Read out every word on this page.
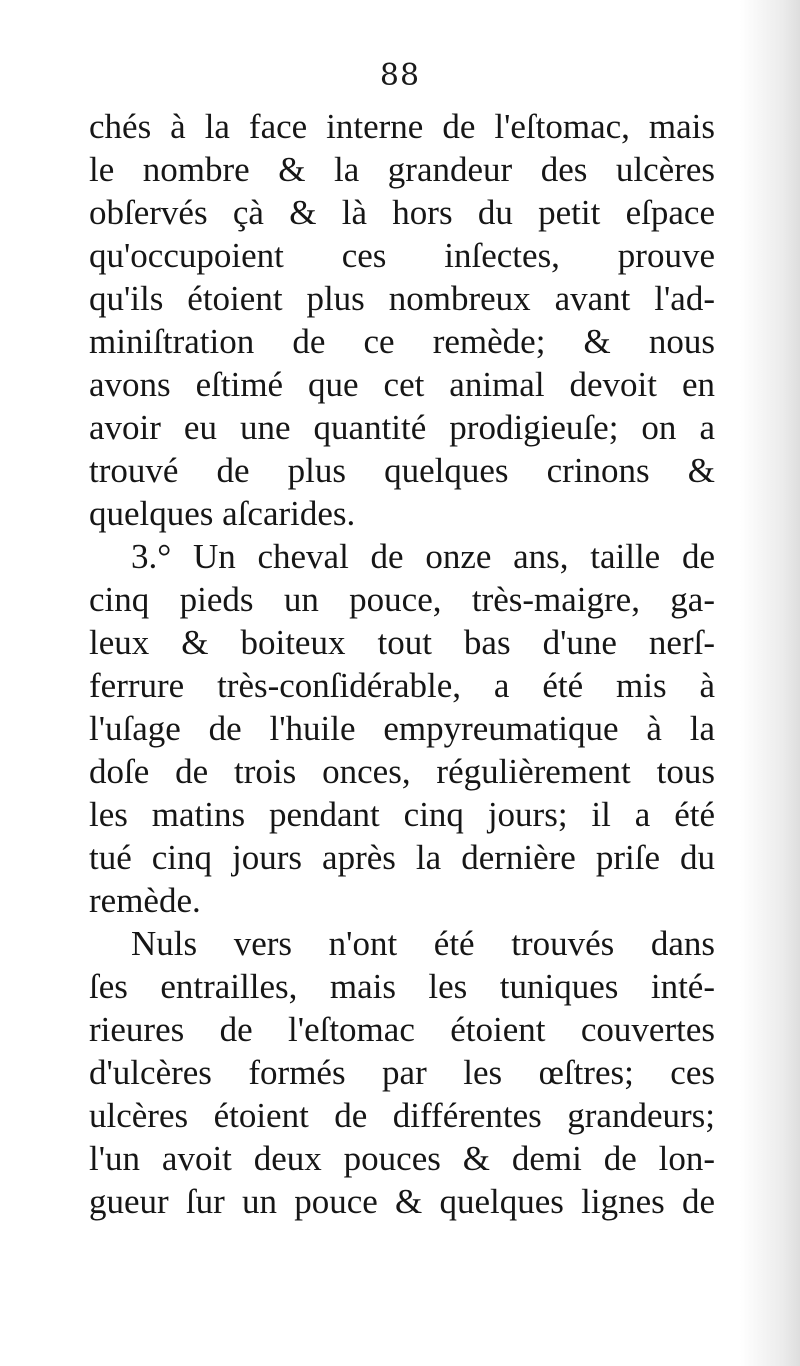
88
chés à la face interne de l'eſtomac, mais
le nombre & la grandeur des ulcères
obſervés çà & là hors du petit eſpace
qu'occupoient ces inſectes, prouve
qu'ils étoient plus nombreux avant l'ad-
miniſtration de ce remède; & nous
avons eſtimé que cet animal devoit en
avoir eu une quantité prodigieuſe; on a
trouvé de plus quelques crinons &
quelques aſcarides.
3.° Un cheval de onze ans, taille de
cinq pieds un pouce, très-maigre, ga-
leux & boiteux tout bas d'une nerſ-
ferrure très-conſidérable, a été mis à
l'uſage de l'huile empyreumatique à la
doſe de trois onces, régulièrement tous
les matins pendant cinq jours; il a été
tué cinq jours après la dernière priſe du
remède.
Nuls vers n'ont été trouvés dans
ſes entrailles, mais les tuniques inté-
rieures de l'eſtomac étoient couvertes
d'ulcères formés par les œſtres; ces
ulcères étoient de différentes grandeurs;
l'un avoit deux pouces & demi de lon-
gueur ſur un pouce & quelques lignes de
